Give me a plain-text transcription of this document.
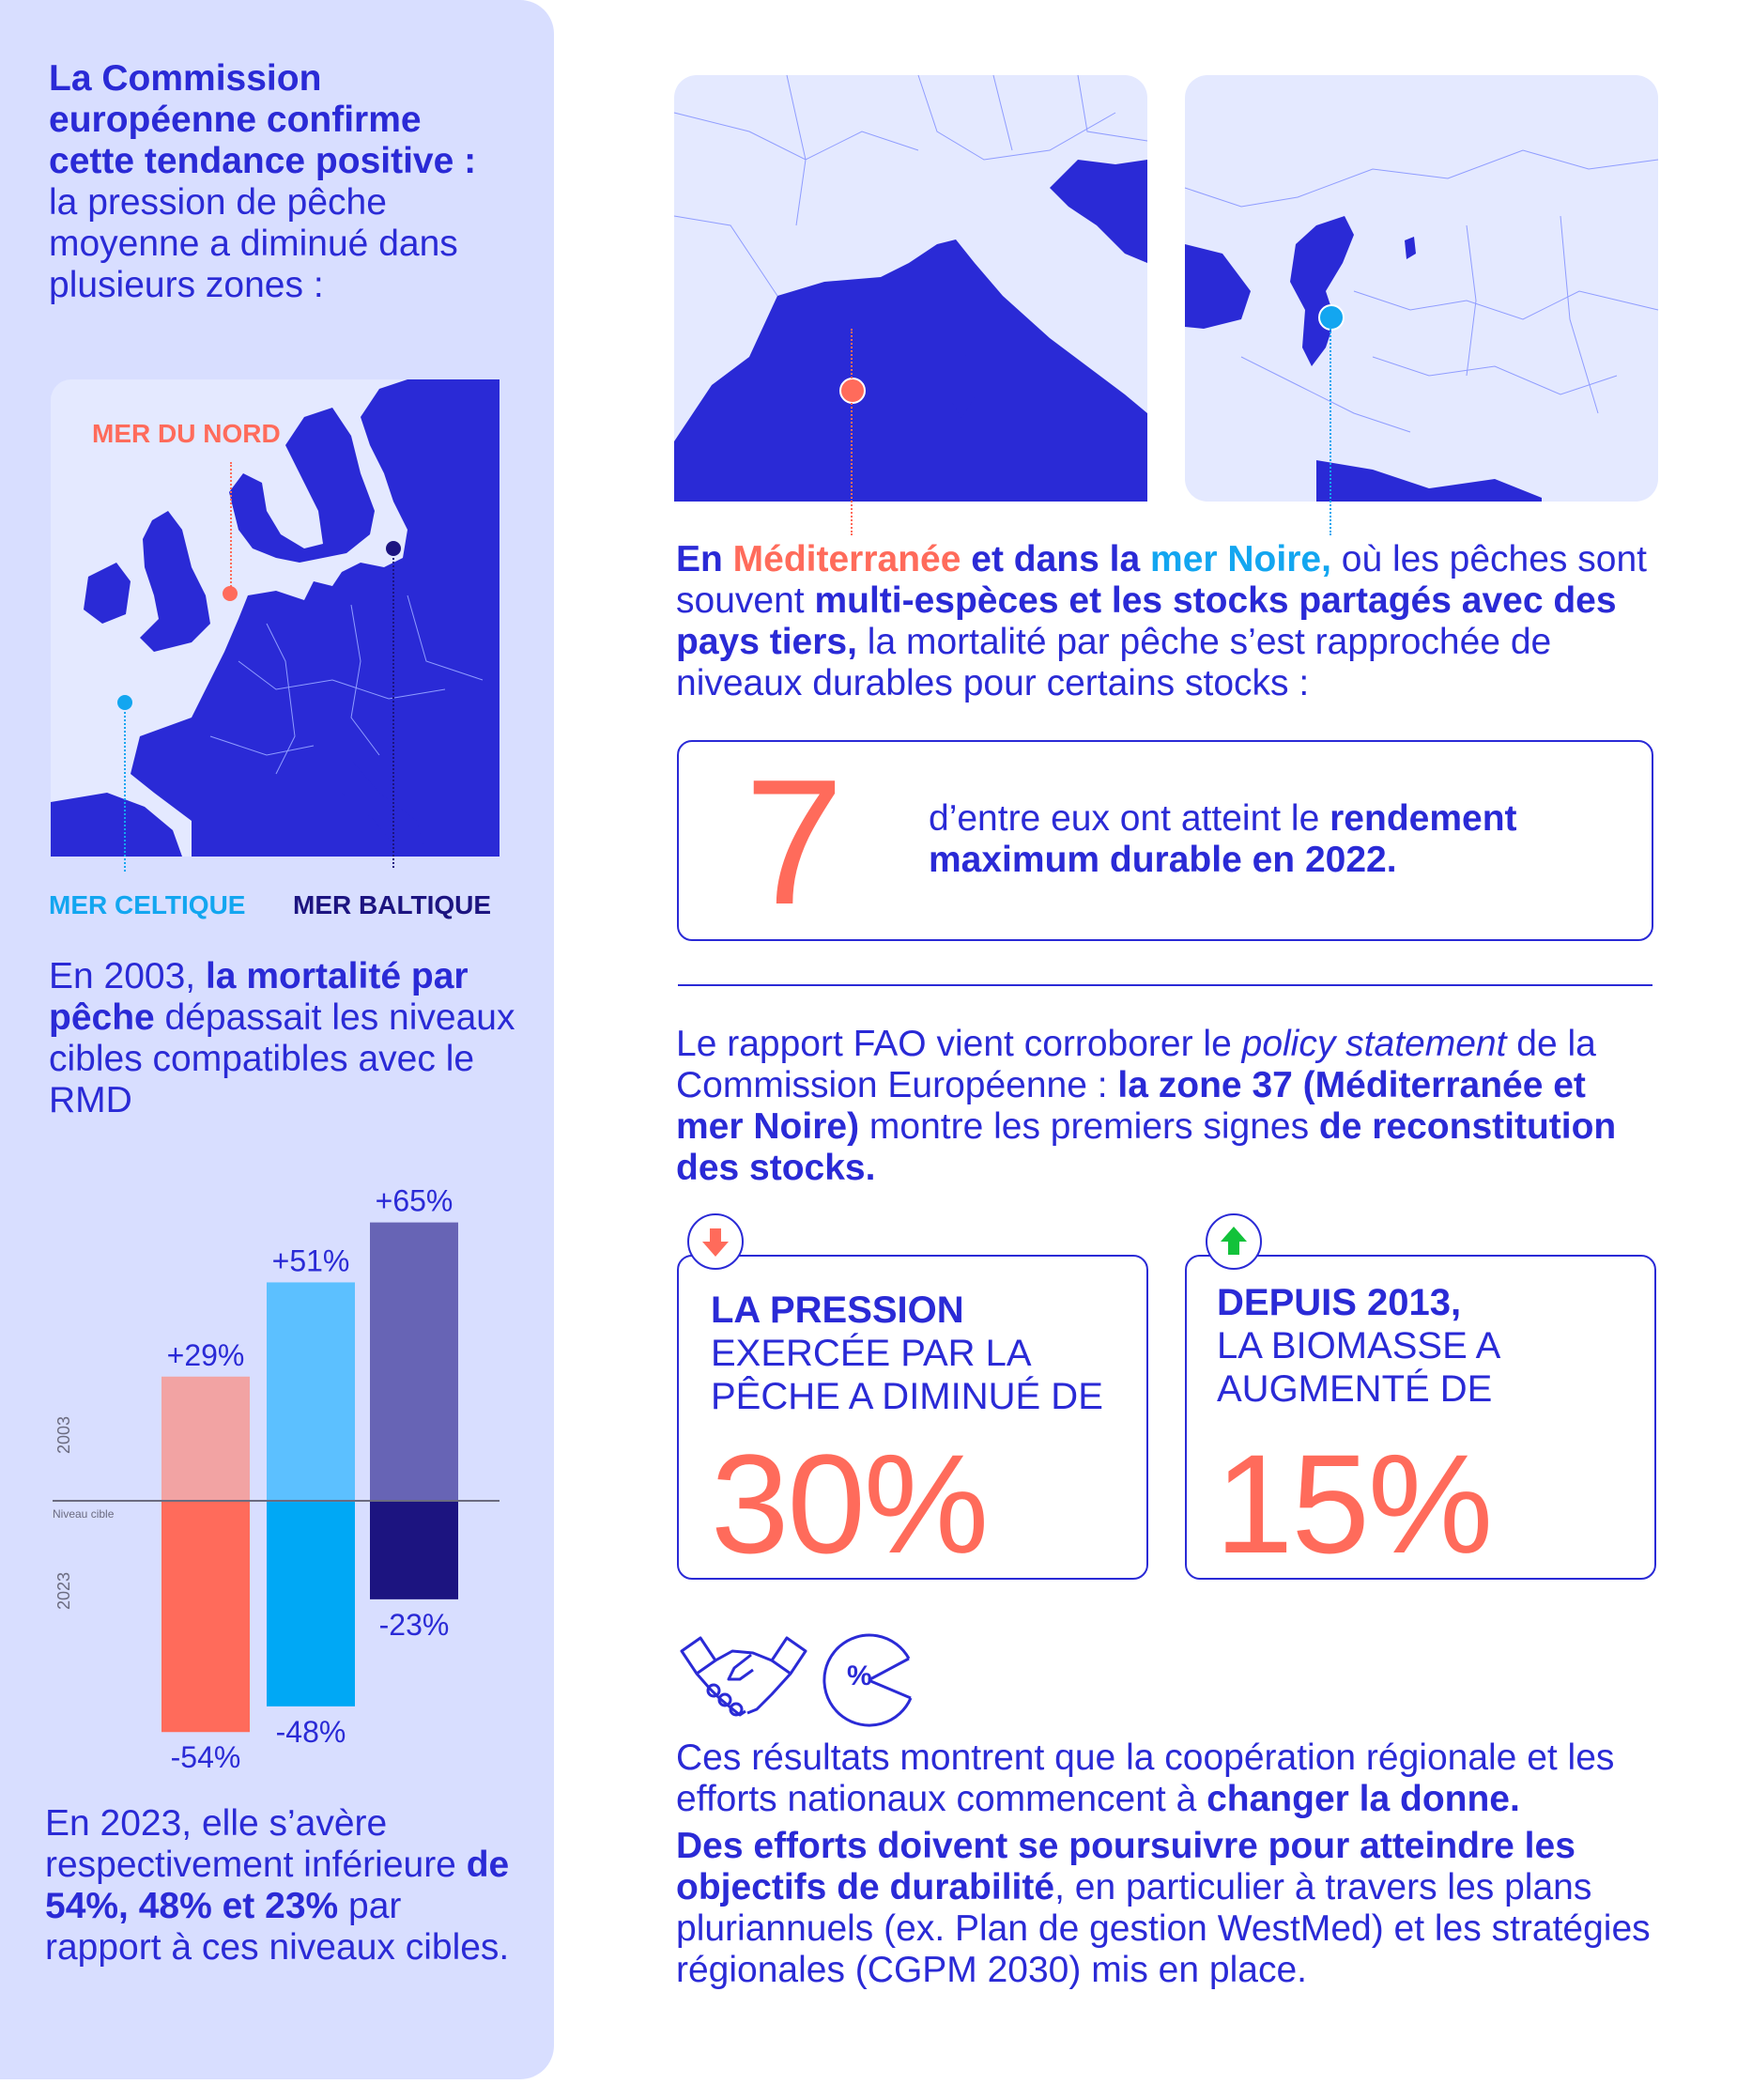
La Commission européenne confirme cette tendance positive : la pression de pêche moyenne a diminué dans plusieurs zones :
MER DU NORD
MER CELTIQUE MER BALTIQUE
En 2003, la mortalité par pêche dépassait les niveaux cibles compatibles avec le RMD
+29%
-54%
+51%
-48%
+65%
-23%
Niveau cible
2003
2023
En 2023, elle s’avère respectivement inférieure de 54%, 48% et 23% par rapport à ces niveaux cibles.
En Méditerranée et dans la mer Noire, où les pêches sont souvent multi-espèces et les stocks partagés avec des pays tiers, la mortalité par pêche s’est rapprochée de niveaux durables pour certains stocks :
7 d’entre eux ont atteint le rendement maximum durable en 2022.
Le rapport FAO vient corroborer le policy statement de la Commission Européenne : la zone 37 (Méditerranée et mer Noire) montre les premiers signes de reconstitution des stocks.
LA PRESSION EXERCÉE PAR LA PÊCHE A DIMINUÉ DE
30%
DEPUIS 2013,
LA BIOMASSE A AUGMENTÉ DE
15%
%
Ces résultats montrent que la coopération régionale et les efforts nationaux commencent à changer la donne.
Des efforts doivent se poursuivre pour atteindre les objectifs de durabilité, en particulier à travers les plans pluriannuels (ex. Plan de gestion WestMed) et les stratégies régionales (CGPM 2030) mis en place.
